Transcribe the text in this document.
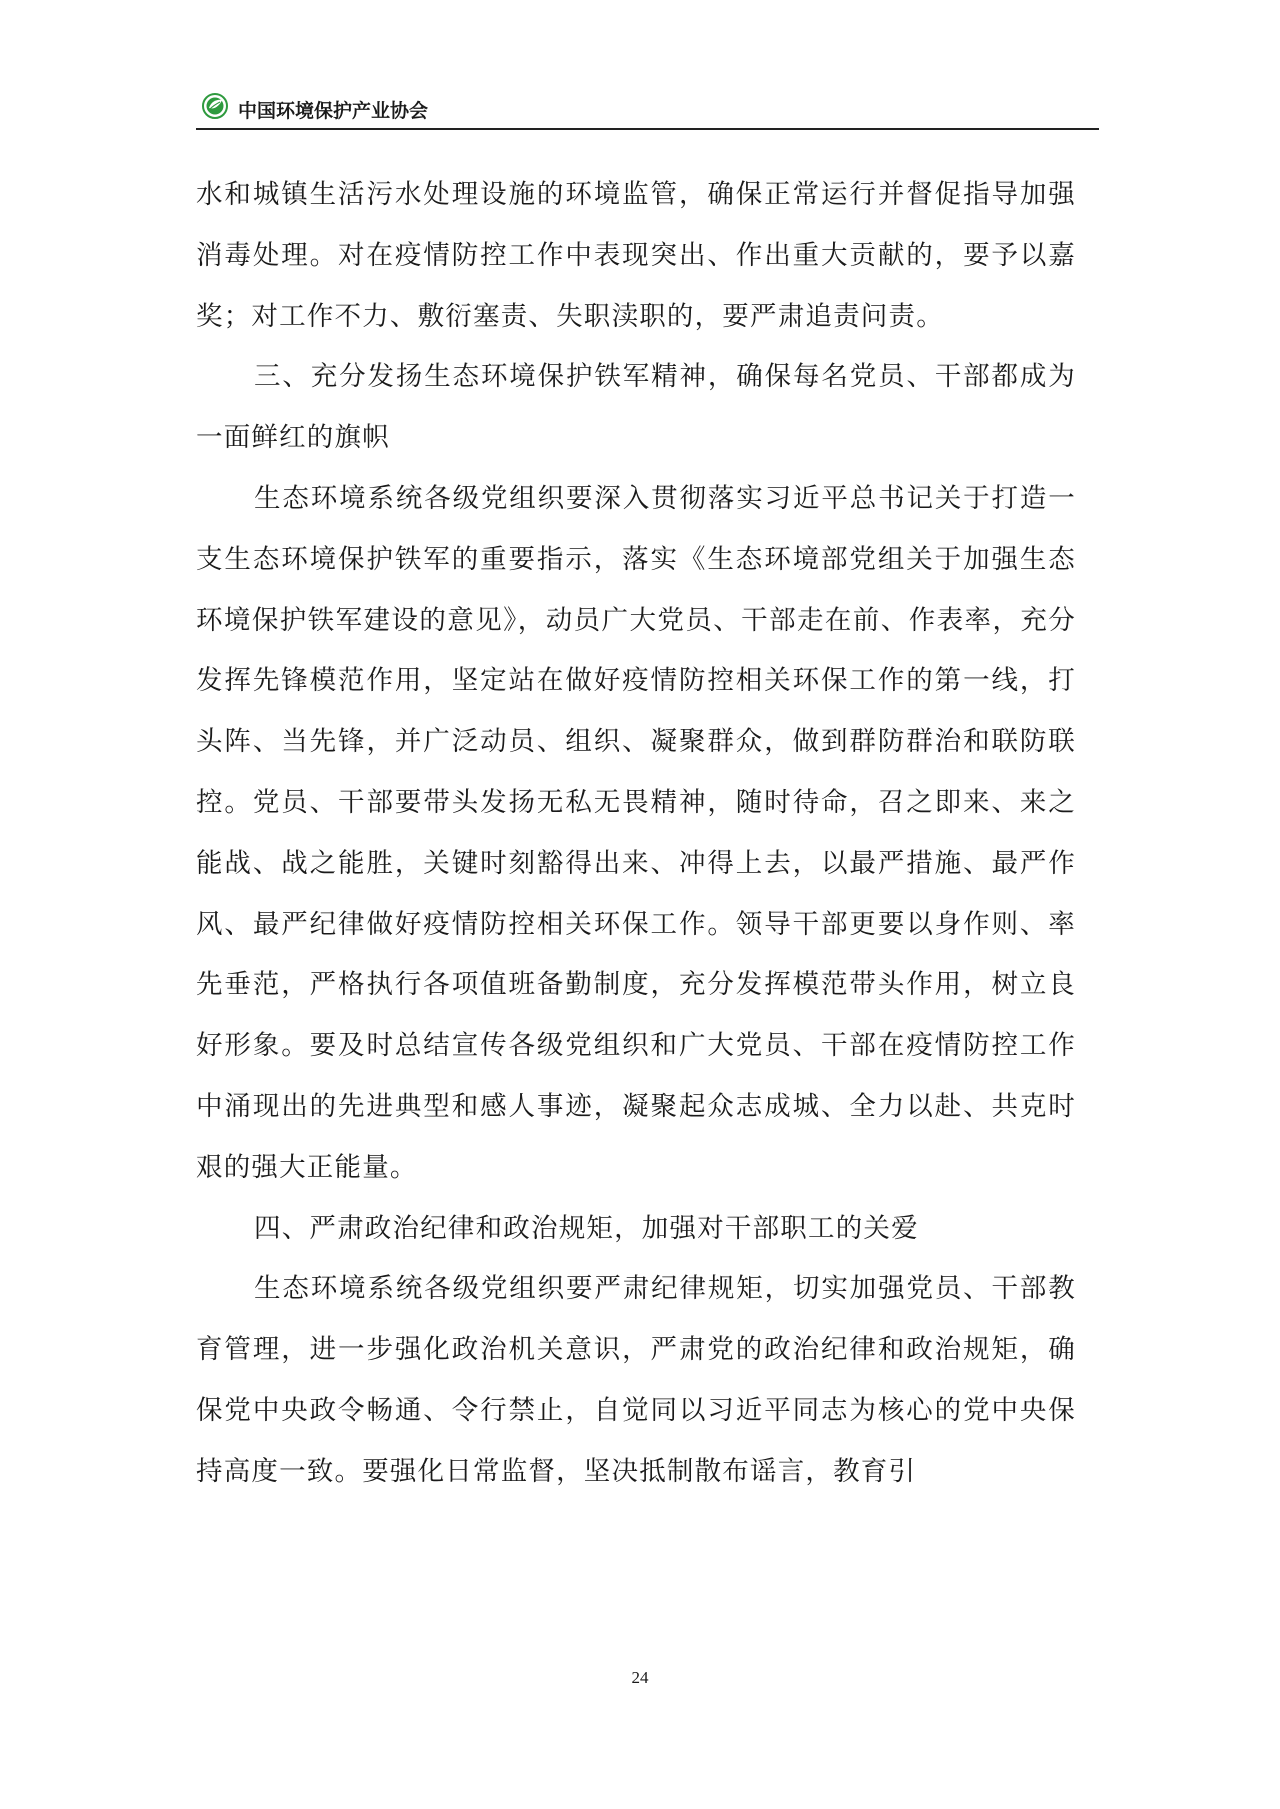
中国环境保护产业协会

水和城镇生活污水处理设施的环境监管，确保正常运行并督促指导加强消毒处理。对在疫情防控工作中表现突出、作出重大贡献的，要予以嘉奖；对工作不力、敷衍塞责、失职渎职的，要严肃追责问责。

三、充分发扬生态环境保护铁军精神，确保每名党员、干部都成为一面鲜红的旗帜

生态环境系统各级党组织要深入贯彻落实习近平总书记关于打造一支生态环境保护铁军的重要指示，落实《生态环境部党组关于加强生态环境保护铁军建设的意见》，动员广大党员、干部走在前、作表率，充分发挥先锋模范作用，坚定站在做好疫情防控相关环保工作的第一线，打头阵、当先锋，并广泛动员、组织、凝聚群众，做到群防群治和联防联控。党员、干部要带头发扬无私无畏精神，随时待命，召之即来、来之能战、战之能胜，关键时刻豁得出来、冲得上去，以最严措施、最严作风、最严纪律做好疫情防控相关环保工作。领导干部更要以身作则、率先垂范，严格执行各项值班备勤制度，充分发挥模范带头作用，树立良好形象。要及时总结宣传各级党组织和广大党员、干部在疫情防控工作中涌现出的先进典型和感人事迹，凝聚起众志成城、全力以赴、共克时艰的强大正能量。

四、严肃政治纪律和政治规矩，加强对干部职工的关爱

生态环境系统各级党组织要严肃纪律规矩，切实加强党员、干部教育管理，进一步强化政治机关意识，严肃党的政治纪律和政治规矩，确保党中央政令畅通、令行禁止，自觉同以习近平同志为核心的党中央保持高度一致。要强化日常监督，坚决抵制散布谣言，教育引

24
